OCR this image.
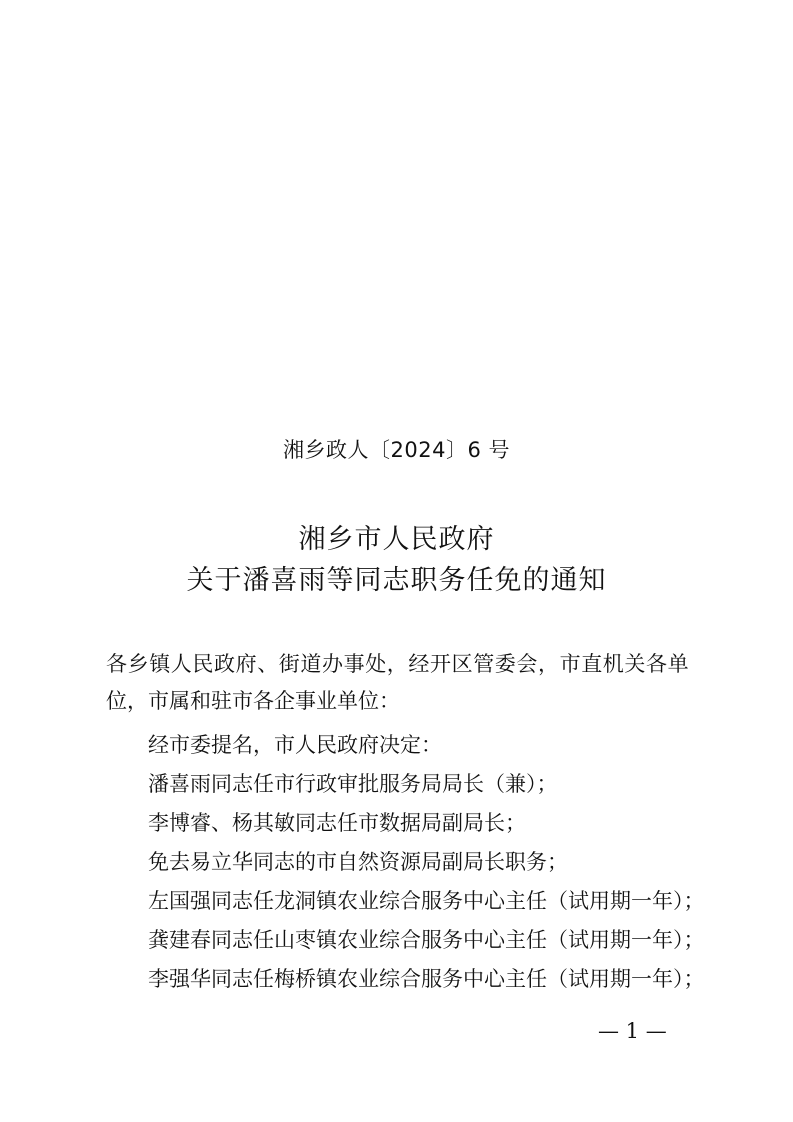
湘乡政人〔2024〕6 号
湘乡市人民政府
关于潘喜雨等同志职务任免的通知
各乡镇人民政府、街道办事处，经开区管委会，市直机关各单
位，市属和驻市各企事业单位：
经市委提名，市人民政府决定：
潘喜雨同志任市行政审批服务局局长（兼）；
李博睿、杨其敏同志任市数据局副局长；
免去易立华同志的市自然资源局副局长职务；
左国强同志任龙洞镇农业综合服务中心主任（试用期一年）；
龚建春同志任山枣镇农业综合服务中心主任（试用期一年）；
李强华同志任梅桥镇农业综合服务中心主任（试用期一年）；
— 1 —
